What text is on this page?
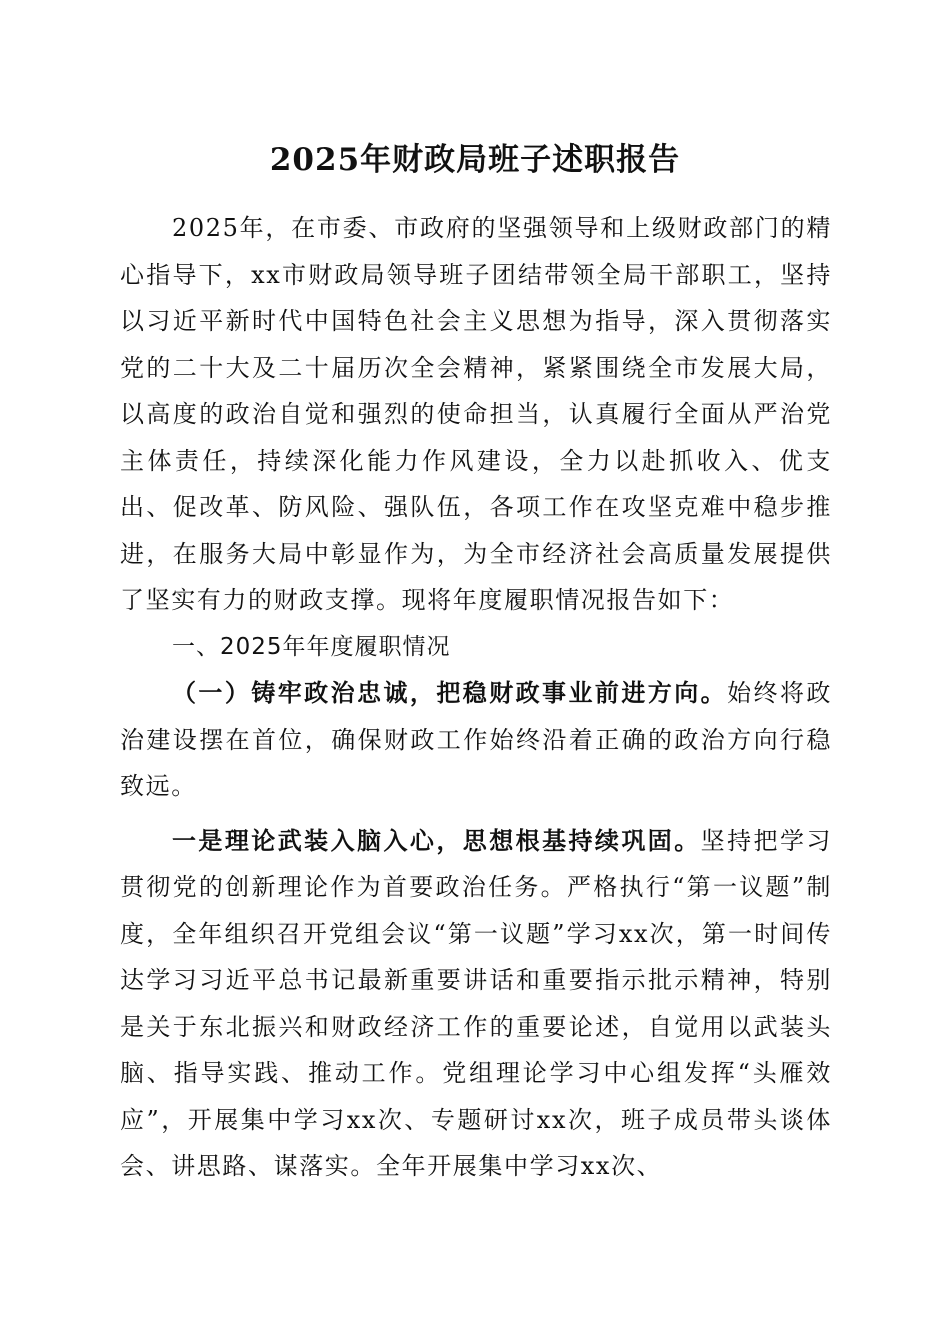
2025年财政局班子述职报告

2025年，在市委、市政府的坚强领导和上级财政部门的精心指导下，xx市财政局领导班子团结带领全局干部职工，坚持以习近平新时代中国特色社会主义思想为指导，深入贯彻落实党的二十大及二十届历次全会精神，紧紧围绕全市发展大局，以高度的政治自觉和强烈的使命担当，认真履行全面从严治党主体责任，持续深化能力作风建设，全力以赴抓收入、优支出、促改革、防风险、强队伍，各项工作在攻坚克难中稳步推进，在服务大局中彰显作为，为全市经济社会高质量发展提供了坚实有力的财政支撑。现将年度履职情况报告如下：

一、2025年年度履职情况

（一）铸牢政治忠诚，把稳财政事业前进方向。始终将政治建设摆在首位，确保财政工作始终沿着正确的政治方向行稳致远。

一是理论武装入脑入心，思想根基持续巩固。坚持把学习贯彻党的创新理论作为首要政治任务。严格执行“第一议题”制度，全年组织召开党组会议“第一议题”学习xx次，第一时间传达学习习近平总书记最新重要讲话和重要指示批示精神，特别是关于东北振兴和财政经济工作的重要论述，自觉用以武装头脑、指导实践、推动工作。党组理论学习中心组发挥“头雁效应”，开展集中学习xx次、专题研讨xx次，班子成员带头谈体会、讲思路、谋落实。全年开展集中学习xx次、
